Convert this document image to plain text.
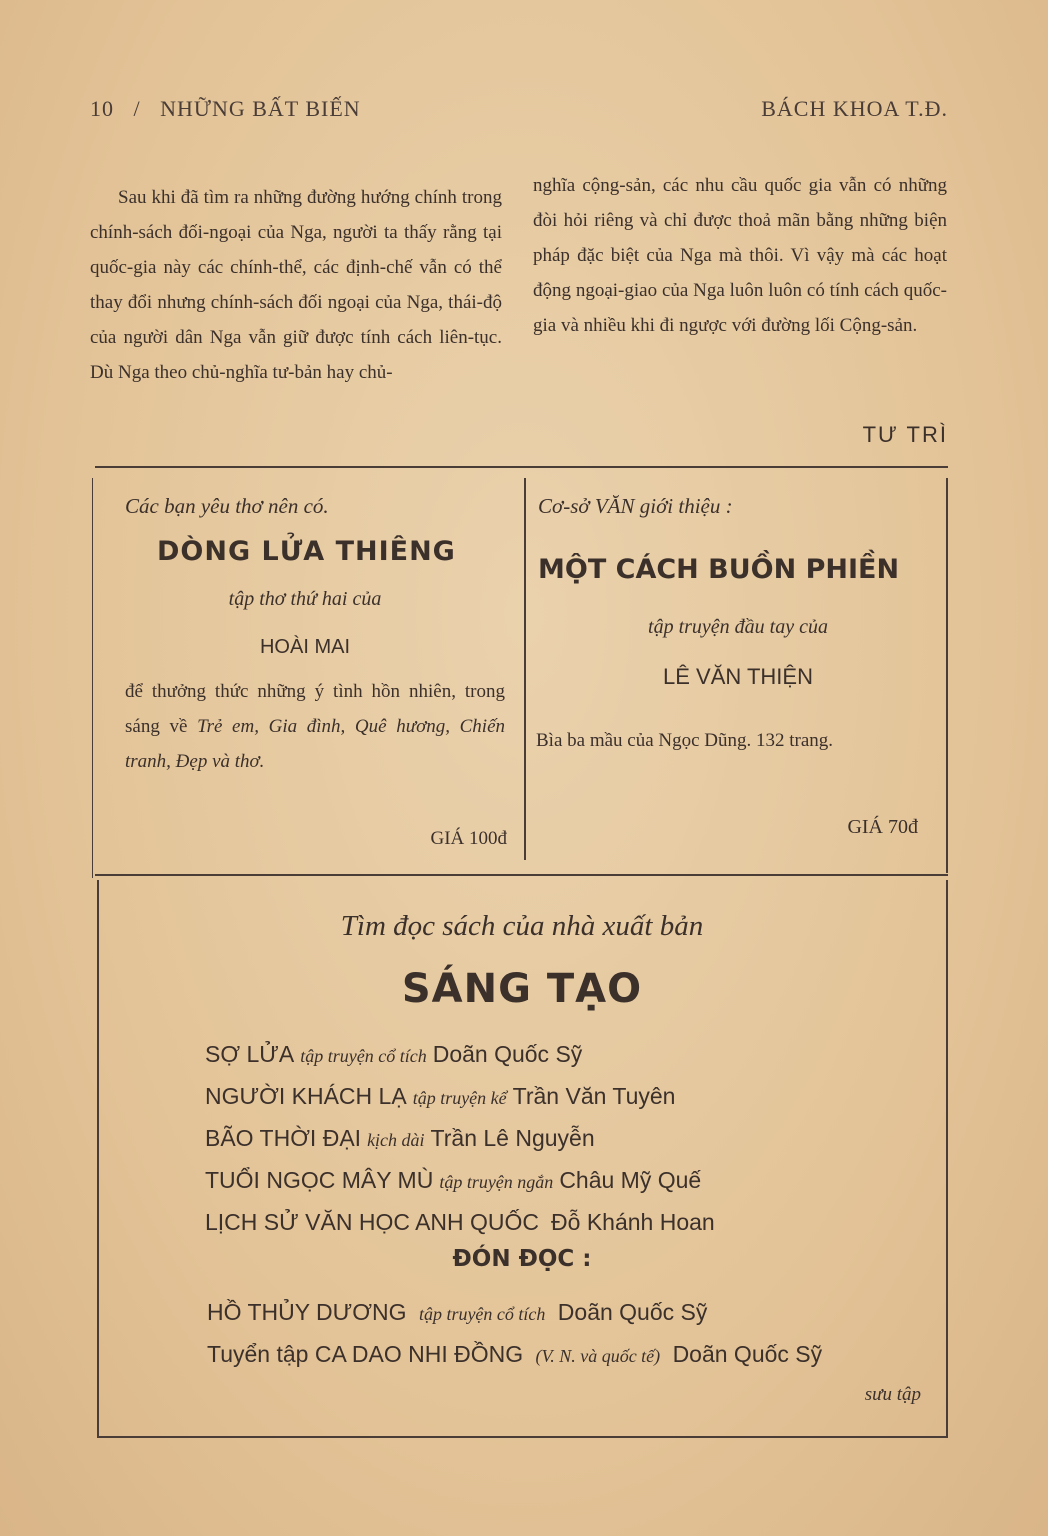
10 / NHỮNG BẤT BIẾN	BÁCH KHOA T.Đ.
Sau khi đã tìm ra những đường hướng chính trong chính-sách đối-ngoại của Nga, người ta thấy rằng tại quốc-gia này các chính-thể, các định-chế vẫn có thể thay đổi nhưng chính-sách đối ngoại của Nga, thái-độ của người dân Nga vẫn giữ được tính cách liên-tục. Dù Nga theo chủ-nghĩa tư-bản hay chủ-
nghĩa cộng-sản, các nhu cầu quốc gia vẫn có những đòi hỏi riêng và chỉ được thoả mãn bằng những biện pháp đặc biệt của Nga mà thôi. Vì vậy mà các hoạt động ngoại-giao của Nga luôn luôn có tính cách quốc-gia và nhiều khi đi ngược với đường lối Cộng-sản.
TƯ TRÌ
Các bạn yêu thơ nên có.
DÒNG LỬA THIÊNG
tập thơ thứ hai của
HOÀI MAI
để thưởng thức những ý tình hồn nhiên, trong sáng về Trẻ em, Gia đình, Quê hương, Chiến tranh, Đẹp và thơ.
GIÁ 100đ
Cơ-sở VĂN giới thiệu :
MỘT CÁCH BUỒN PHIỀN
tập truyện đầu tay của
LÊ VĂN THIỆN
Bìa ba mầu của Ngọc Dũng. 132 trang.
GIÁ 70đ
Tìm đọc sách của nhà xuất bản
SÁNG TẠO
SỢ LỬA tập truyện cổ tích Doãn Quốc Sỹ
NGƯỜI KHÁCH LẠ tập truyện kể Trần Văn Tuyên
BÃO THỜI ĐẠI kịch dài Trần Lê Nguyễn
TUỔI NGỌC MÂY MÙ tập truyện ngắn Châu Mỹ Quế
LỊCH SỬ VĂN HỌC ANH QUỐC Đỗ Khánh Hoan
ĐÓN ĐỌC :
HỒ THỦY DƯƠNG tập truyện cổ tích Doãn Quốc Sỹ
Tuyển tập CA DAO NHI ĐỒNG (V. N. và quốc tế) Doãn Quốc Sỹ
sưu tập
